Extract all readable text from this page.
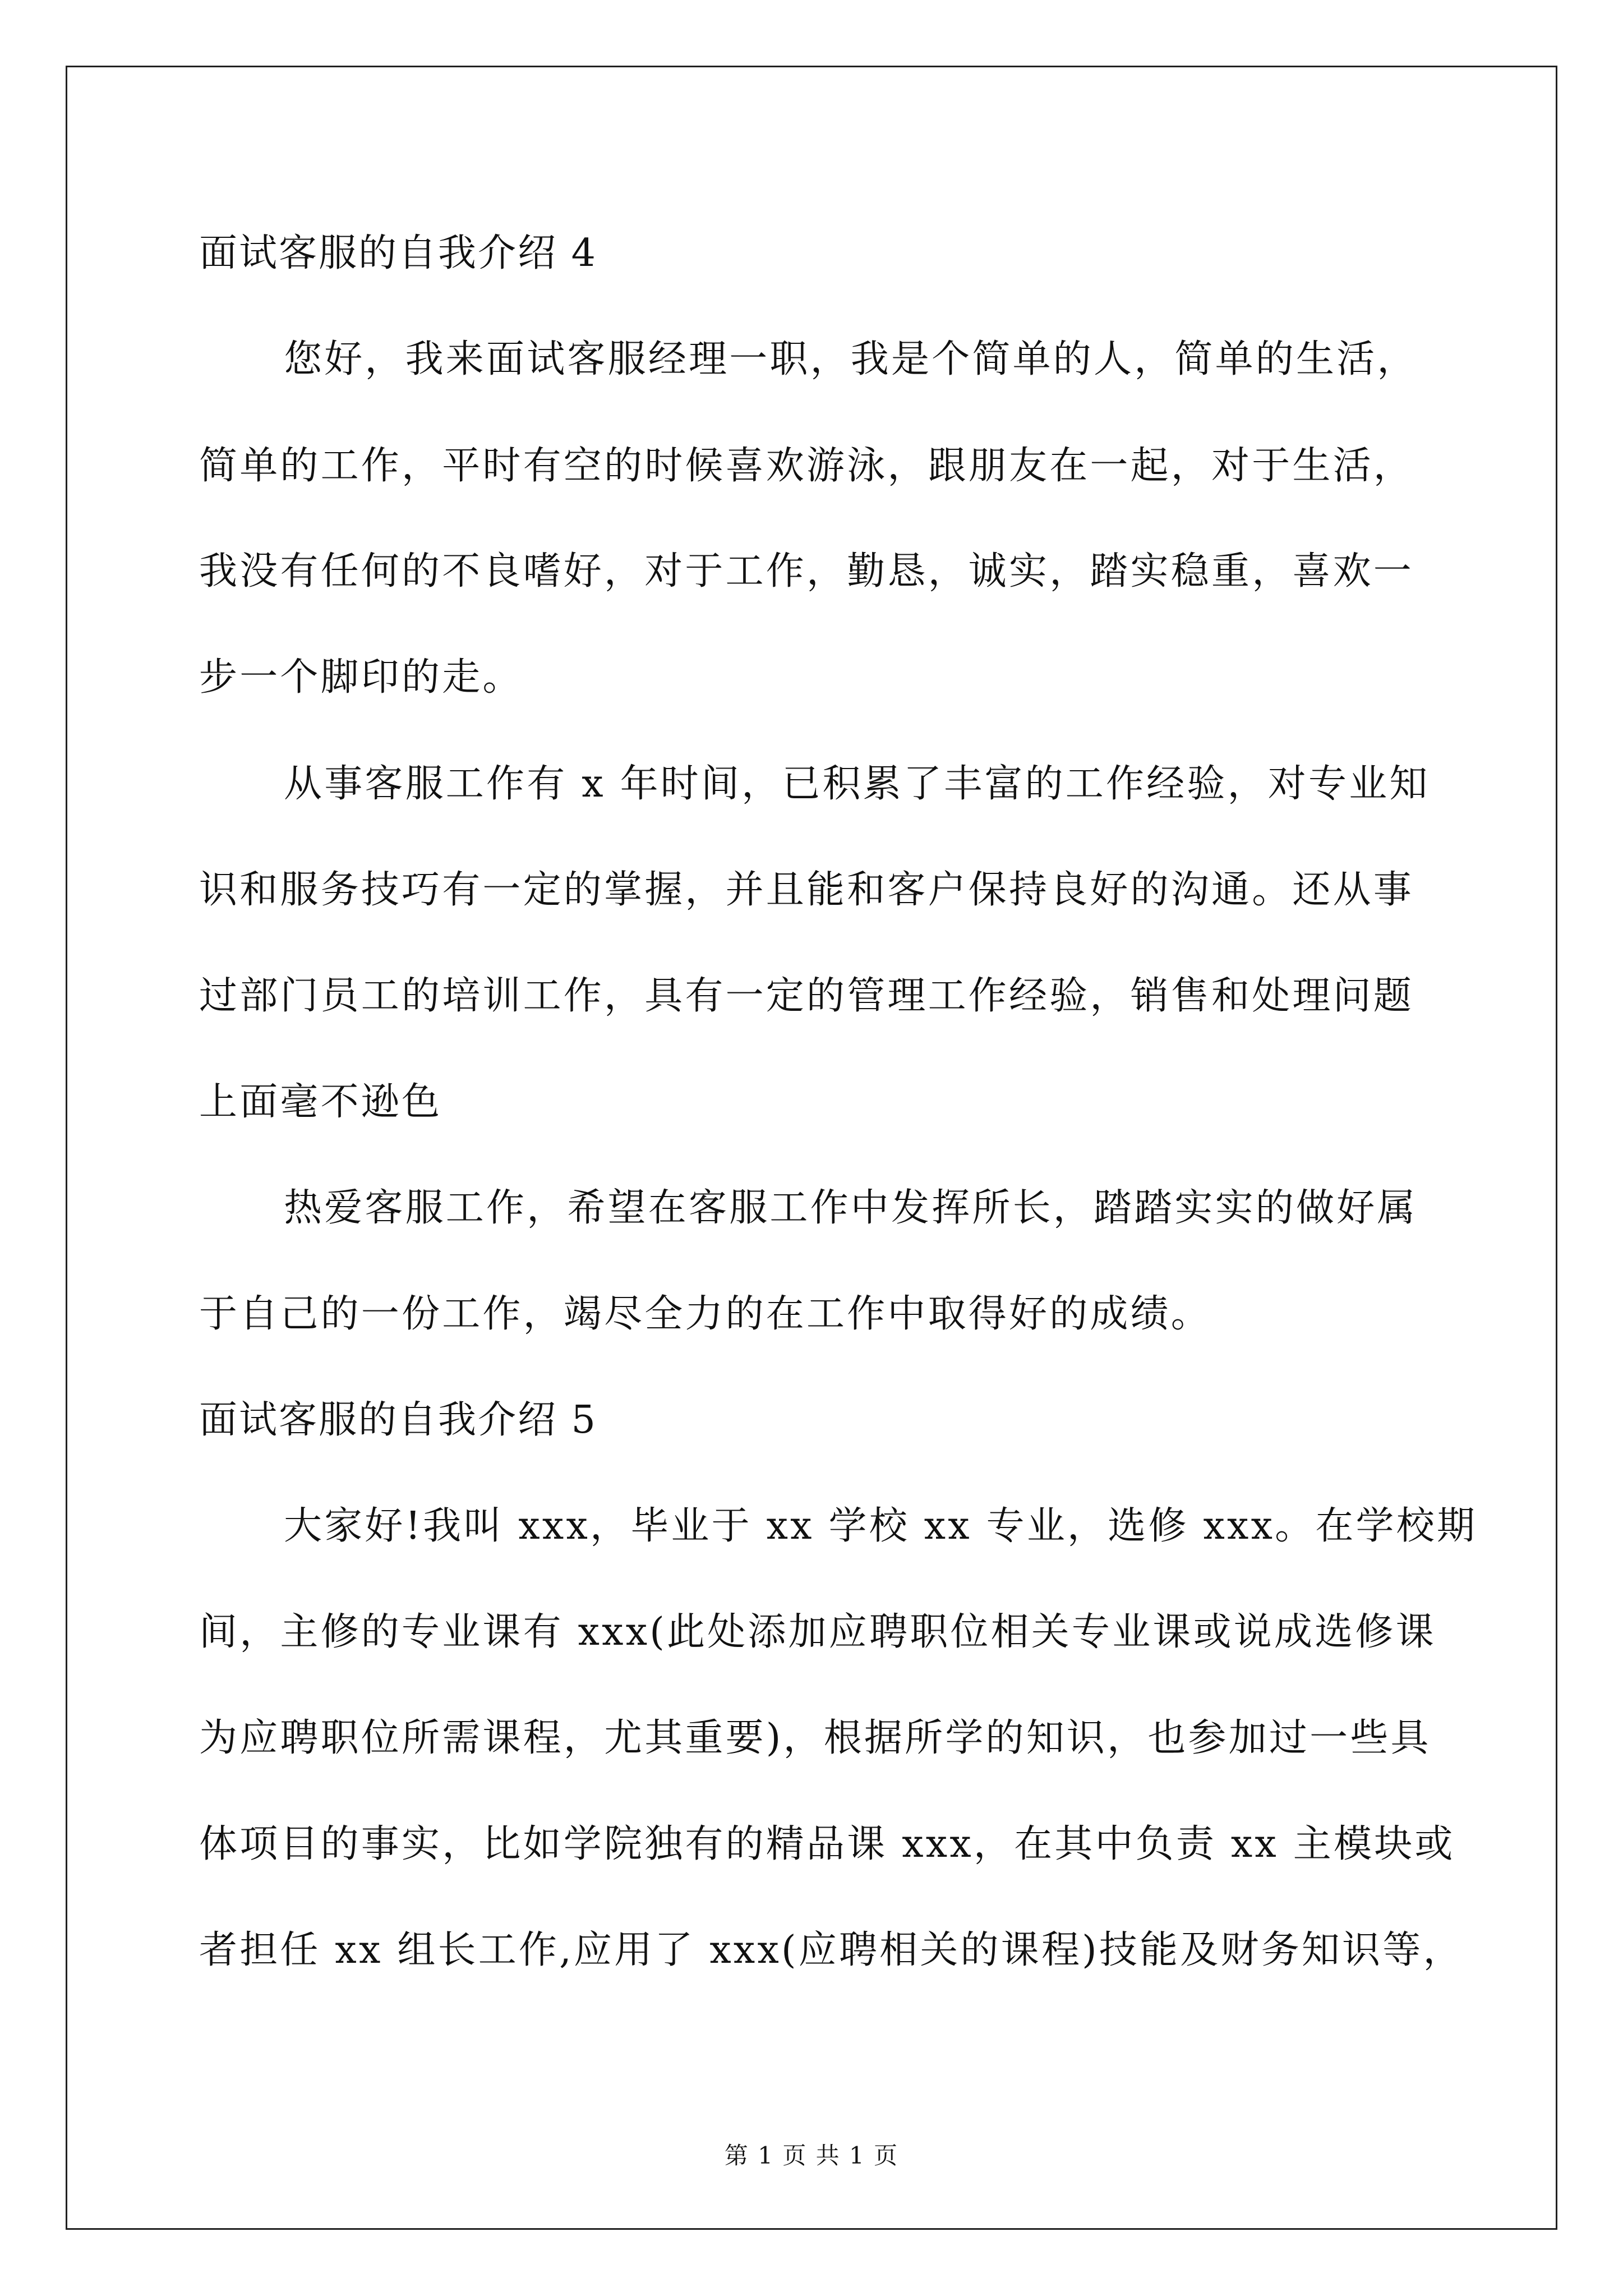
面试客服的自我介绍 4
您好，我来面试客服经理一职，我是个简单的人，简单的生活，
简单的工作，平时有空的时候喜欢游泳，跟朋友在一起，对于生活，
我没有任何的不良嗜好，对于工作，勤恳，诚实，踏实稳重，喜欢一
步一个脚印的走。
从事客服工作有 x 年时间，已积累了丰富的工作经验，对专业知
识和服务技巧有一定的掌握，并且能和客户保持良好的沟通。还从事
过部门员工的培训工作，具有一定的管理工作经验，销售和处理问题
上面毫不逊色
热爱客服工作，希望在客服工作中发挥所长，踏踏实实的做好属
于自己的一份工作，竭尽全力的在工作中取得好的成绩。
面试客服的自我介绍 5
大家好!我叫 xxx，毕业于 xx 学校 xx 专业，选修 xxx。在学校期
间，主修的专业课有 xxx(此处添加应聘职位相关专业课或说成选修课
为应聘职位所需课程，尤其重要)，根据所学的知识，也参加过一些具
体项目的事实，比如学院独有的精品课 xxx，在其中负责 xx 主模块或
者担任 xx 组长工作,应用了 xxx(应聘相关的课程)技能及财务知识等，
第 1 页 共 1 页
